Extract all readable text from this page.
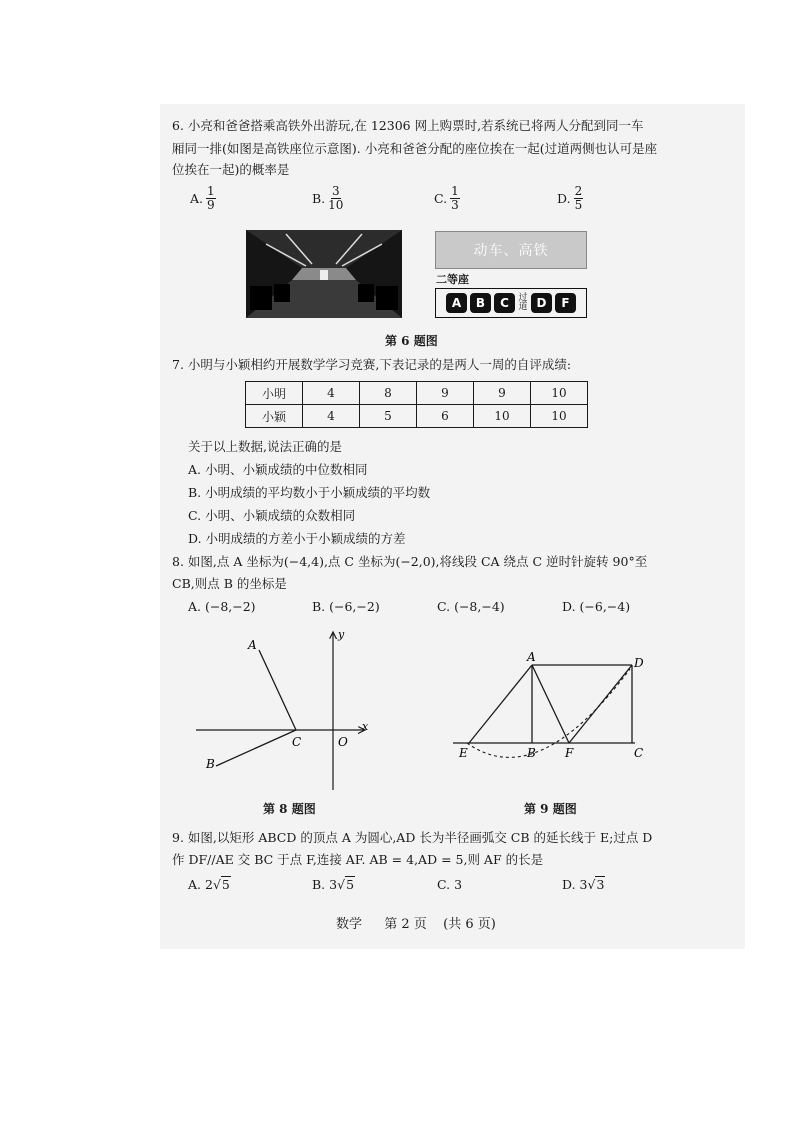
6. 小亮和爸爸搭乘高铁外出游玩,在 12306 网上购票时,若系统已将两人分配到同一车
厢同一排(如图是高铁座位示意图). 小亮和爸爸分配的座位挨在一起(过道两侧也认可是座
位挨在一起)的概率是
A. $\frac{1}{9}$	B. $\frac{3}{10}$	C. $\frac{1}{3}$	D. $\frac{2}{5}$
动车、高铁
二等座
A	B	C	过道 D	F
第 6 题图
7. 小明与小颖相约开展数学学习竞赛,下表记录的是两人一周的自评成绩:
小明	4	8	9	9	10
小颖	4	5	6	10	10
关于以上数据,说法正确的是
A. 小明、小颖成绩的中位数相同
B. 小明成绩的平均数小于小颖成绩的平均数
C. 小明、小颖成绩的众数相同
D. 小明成绩的方差小于小颖成绩的方差
8. 如图,点 A 坐标为(−4,4),点 C 坐标为(−2,0),将线段 CA 绕点 C 逆时针旋转 90°至
CB,则点 B 的坐标是
A. (−8,−2)	B. (−6,−2)	C. (−8,−4)	D. (−6,−4)
A
B
C	O
x
y
第 8 题图
A
B	C
D
E	F
第 9 题图
9. 如图,以矩形 ABCD 的顶点 A 为圆心,AD 长为半径画弧交 CB 的延长线于 E;过点 D
作 DF//AE 交 BC 于点 F,连接 AF. AB = 4,AD = 5,则 AF 的长是
A.
2 √5	B.
3 √5	C.
3	D.
3 √3
数学 第 2 页 (共 6 页)
